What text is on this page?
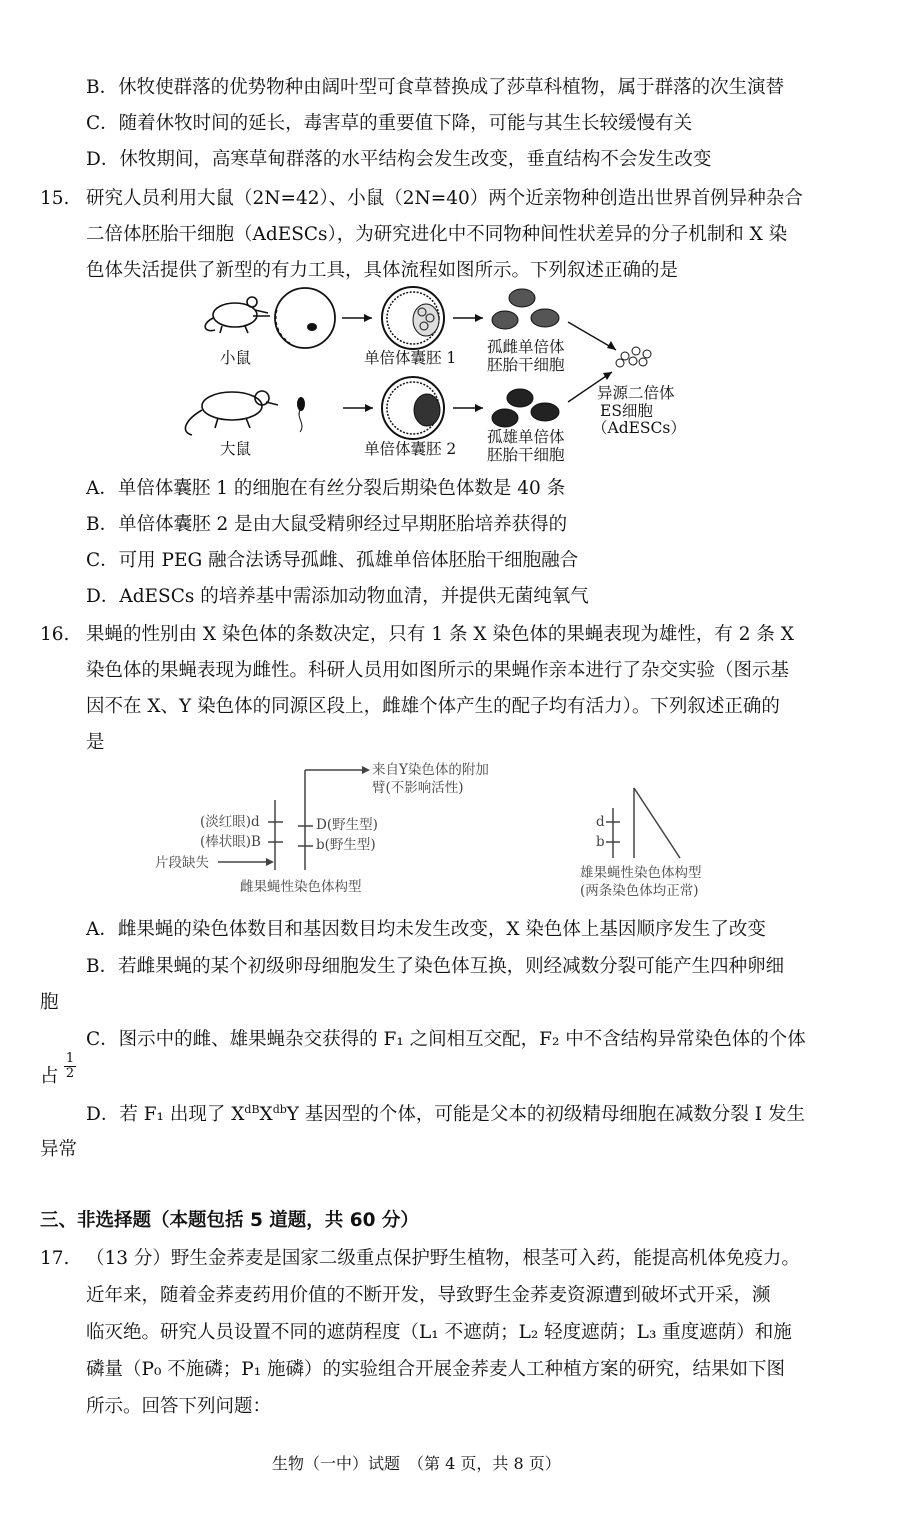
B．休牧使群落的优势物种由阔叶型可食草替换成了莎草科植物，属于群落的次生演替
C．随着休牧时间的延长，毒害草的重要值下降，可能与其生长较缓慢有关
D．休牧期间，高寒草甸群落的水平结构会发生改变，垂直结构不会发生改变
15. 研究人员利用大鼠（2N=42）、小鼠（2N=40）两个近亲物种创造出世界首例异种杂合
二倍体胚胎干细胞（AdESCs），为研究进化中不同物种间性状差异的分子机制和 X 染
色体失活提供了新型的有力工具，具体流程如图所示。下列叙述正确的是
小鼠	单倍体囊胚 1
孤雌单倍体
胚胎干细胞
大鼠	单倍体囊胚 2
孤雄单倍体
胚胎干细胞
异源二倍体
ES细胞
（AdESCs）
A．单倍体囊胚 1 的细胞在有丝分裂后期染色体数是 40 条
B．单倍体囊胚 2 是由大鼠受精卵经过早期胚胎培养获得的
C．可用 PEG 融合法诱导孤雌、孤雄单倍体胚胎干细胞融合
D．AdESCs 的培养基中需添加动物血清，并提供无菌纯氧气
16. 果蝇的性别由 X 染色体的条数决定，只有 1 条 X 染色体的果蝇表现为雄性，有 2 条 X
染色体的果蝇表现为雌性。科研人员用如图所示的果蝇作亲本进行了杂交实验（图示基
因不在 X、Y 染色体的同源区段上，雌雄个体产生的配子均有活力）。下列叙述正确的
是
来自Y染色体的附加
臂(不影响活性)
(淡红眼)d
(棒状眼)B
D(野生型)
b(野生型)
片段缺失
雌果蝇性染色体构型
d
b
雄果蝇性染色体构型
(两条染色体均正常)
A．雌果蝇的染色体数目和基因数目均未发生改变，X 染色体上基因顺序发生了改变
B．若雌果蝇的某个初级卵母细胞发生了染色体互换，则经减数分裂可能产生四种卵细
胞
C．图示中的雌、雄果蝇杂交获得的 F₁ 之间相互交配，F₂ 中不含结构异常染色体的个体
占
$\frac{1}{2}$
D．若 F₁ 出现了 $X^{dB}X^{db}Y$ 基因型的个体，可能是父本的初级精母细胞在减数分裂 I 发生
异常
三、非选择题（本题包括 5 道题，共 60 分）
17. （13 分）野生金荞麦是国家二级重点保护野生植物，根茎可入药，能提高机体免疫力。
近年来，随着金荞麦药用价值的不断开发，导致野生金荞麦资源遭到破坏式开采，濒
临灭绝。研究人员设置不同的遮荫程度（L₁ 不遮荫；L₂ 轻度遮荫；L₃ 重度遮荫）和施
磷量（P₀ 不施磷；P₁ 施磷）的实验组合开展金荞麦人工种植方案的研究，结果如下图
所示。回答下列问题：
生物（一中）试题　（第 4 页，共 8 页）
